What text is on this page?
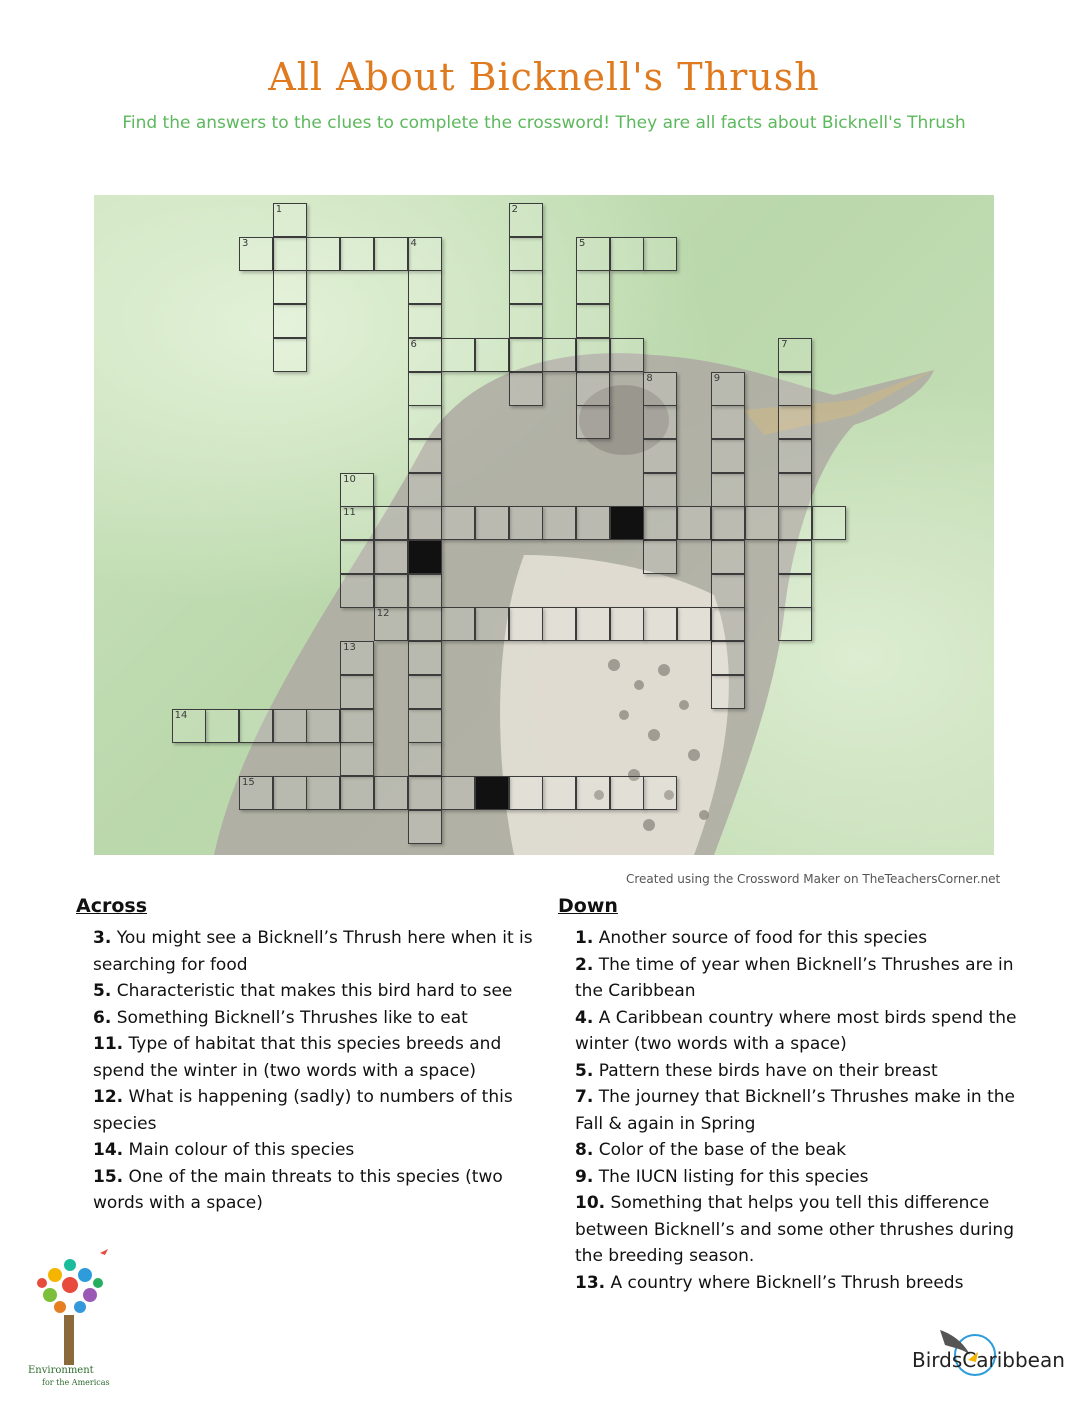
All About Bicknell's Thrush
Find the answers to the clues to complete the crossword! They are all facts about Bicknell's Thrush
1	2
3	4
6
5
7
8	9
10
11
12
13
14
15
Created using the Crossword Maker on TheTeachersCorner.net
Across
3. You might see a Bicknell’s Thrush here when it is searching for food
5. Characteristic that makes this bird hard to see
6. Something Bicknell’s Thrushes like to eat
11. Type of habitat that this species breeds and spend the winter in (two words with a space)
12. What is happening (sadly) to numbers of this species
14. Main colour of this species
15. One of the main threats to this species (two words with a space)
Down
1. Another source of food for this species
2. The time of year when Bicknell’s Thrushes are in the Caribbean
4. A Caribbean country where most birds spend the winter (two words with a space)
5. Pattern these birds have on their breast
7. The journey that Bicknell’s Thrushes make in the Fall & again in Spring
8. Color of the base of the beak
9. The IUCN listing for this species
10. Something that helps you tell this difference between Bicknell’s and some other thrushes during the breeding season.
13. A country where Bicknell’s Thrush breeds
Environment
for the Americas
BirdsCaribbean
